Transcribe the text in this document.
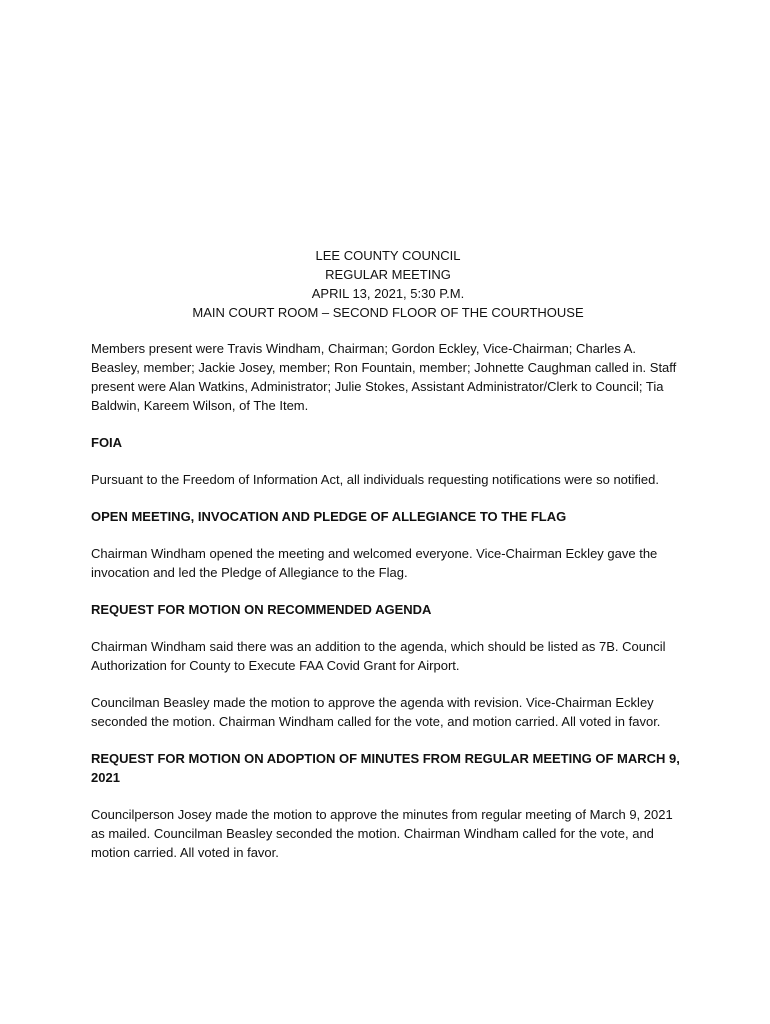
LEE COUNTY COUNCIL
REGULAR MEETING
APRIL 13, 2021, 5:30 P.M.
MAIN COURT ROOM – SECOND FLOOR OF THE COURTHOUSE

Members present were Travis Windham, Chairman; Gordon Eckley, Vice-Chairman; Charles A. Beasley, member; Jackie Josey, member; Ron Fountain, member; Johnette Caughman called in. Staff present were Alan Watkins, Administrator; Julie Stokes, Assistant Administrator/Clerk to Council; Tia Baldwin, Kareem Wilson, of The Item.

FOIA

Pursuant to the Freedom of Information Act, all individuals requesting notifications were so notified.

OPEN MEETING, INVOCATION AND PLEDGE OF ALLEGIANCE TO THE FLAG

Chairman Windham opened the meeting and welcomed everyone. Vice-Chairman Eckley gave the invocation and led the Pledge of Allegiance to the Flag.

REQUEST FOR MOTION ON RECOMMENDED AGENDA

Chairman Windham said there was an addition to the agenda, which should be listed as 7B. Council Authorization for County to Execute FAA Covid Grant for Airport.

Councilman Beasley made the motion to approve the agenda with revision. Vice-Chairman Eckley seconded the motion. Chairman Windham called for the vote, and motion carried. All voted in favor.

REQUEST FOR MOTION ON ADOPTION OF MINUTES FROM REGULAR MEETING OF MARCH 9, 2021

Councilperson Josey made the motion to approve the minutes from regular meeting of March 9, 2021 as mailed. Councilman Beasley seconded the motion. Chairman Windham called for the vote, and motion carried. All voted in favor.
